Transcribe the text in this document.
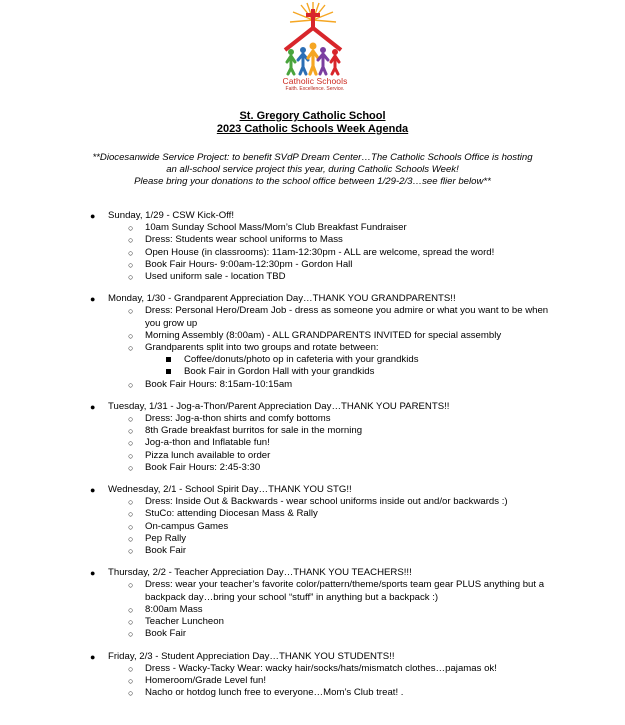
Catholic Schools
Faith. Excellence. Service.
St. Gregory Catholic School
2023 Catholic Schools Week Agenda
**Diocesanwide Service Project: to benefit SVdP Dream Center…The Catholic Schools Office is hosting
an all-school service project this year, during Catholic Schools Week!
Please bring your donations to the school office between 1/29-2/3…see flier below**
● Sunday, 1/29 - CSW Kick-Off!
○ 10am Sunday School Mass/Mom’s Club Breakfast Fundraiser
○ Dress: Students wear school uniforms to Mass
○ Open House (in classrooms): 11am-12:30pm - ALL are welcome, spread the word!
○ Book Fair Hours- 9:00am-12:30pm - Gordon Hall
○ Used uniform sale - location TBD
● Monday, 1/30 - Grandparent Appreciation Day…THANK YOU GRANDPARENTS!!
○ Dress: Personal Hero/Dream Job - dress as someone you admire or what you want to be when you grow up
○ Morning Assembly (8:00am) - ALL GRANDPARENTS INVITED for special assembly
○ Grandparents split into two groups and rotate between:
Coffee/donuts/photo op in cafeteria with your grandkids
Book Fair in Gordon Hall with your grandkids
○ Book Fair Hours: 8:15am-10:15am
● Tuesday, 1/31 - Jog-a-Thon/Parent Appreciation Day…THANK YOU PARENTS!!
○ Dress: Jog-a-thon shirts and comfy bottoms
○ 8th Grade breakfast burritos for sale in the morning
○ Jog-a-thon and Inflatable fun!
○ Pizza lunch available to order
○ Book Fair Hours: 2:45-3:30
● Wednesday, 2/1 - School Spirit Day…THANK YOU STG!!
○ Dress: Inside Out & Backwards - wear school uniforms inside out and/or backwards :)
○ StuCo: attending Diocesan Mass & Rally
○ On-campus Games
○ Pep Rally
○ Book Fair
● Thursday, 2/2 - Teacher Appreciation Day…THANK YOU TEACHERS!!!
○ Dress: wear your teacher’s favorite color/pattern/theme/sports team gear PLUS anything but a backpack day…bring your school “stuff” in anything but a backpack :)
○ 8:00am Mass
○ Teacher Luncheon
○ Book Fair
● Friday, 2/3 - Student Appreciation Day…THANK YOU STUDENTS!!
○ Dress - Wacky-Tacky Wear: wacky hair/socks/hats/mismatch clothes…pajamas ok!
○ Homeroom/Grade Level fun!
○ Nacho or hotdog lunch free to everyone…Mom’s Club treat! .
